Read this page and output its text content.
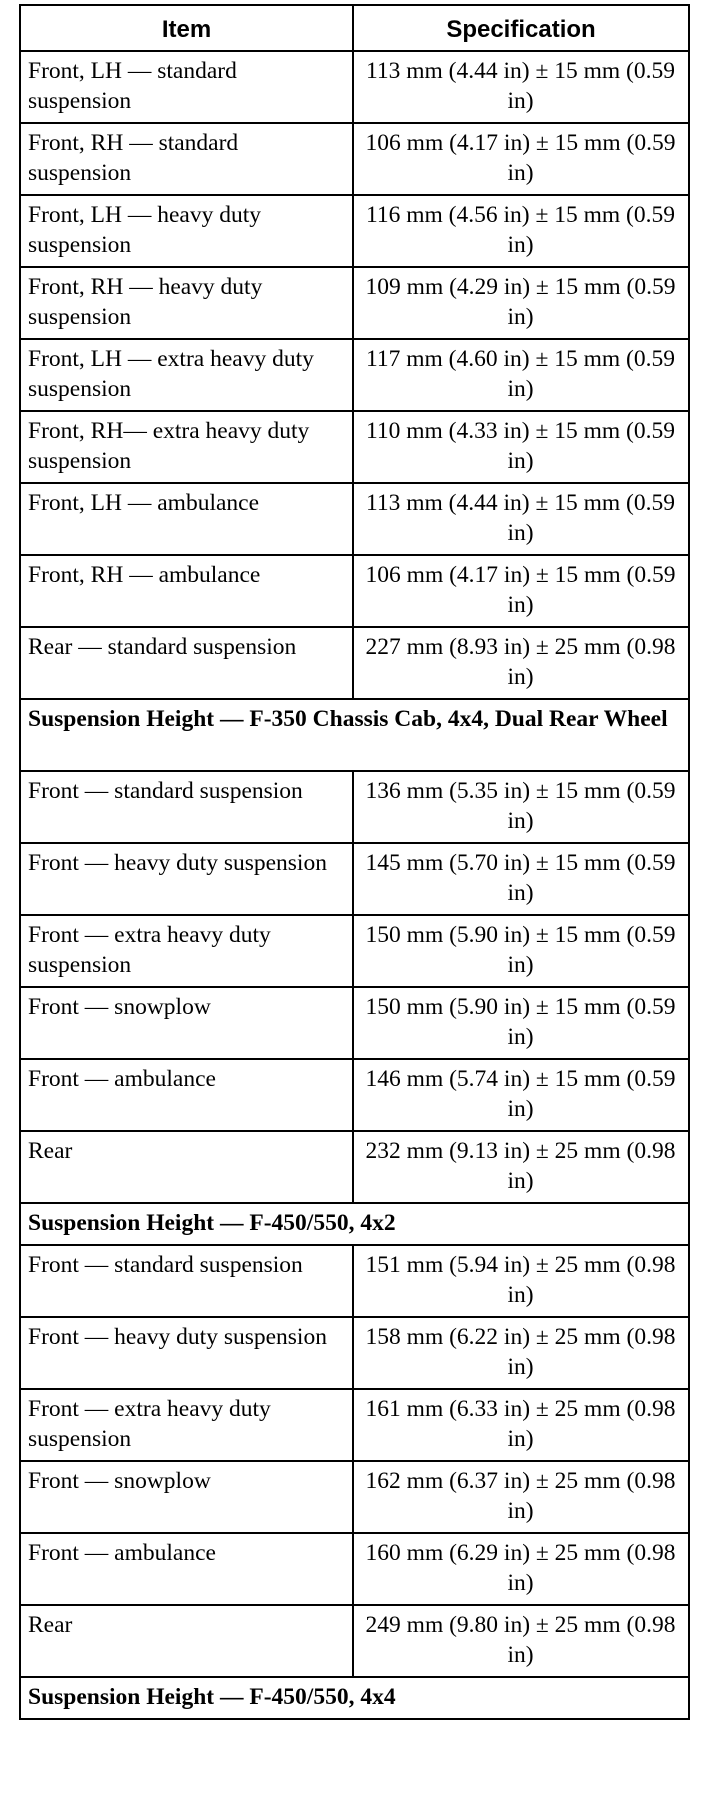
Item	Specification
Front, LH — standard suspension	113 mm (4.44 in) ± 15 mm (0.59 in)
Front, RH — standard suspension	106 mm (4.17 in) ± 15 mm (0.59 in)
Front, LH — heavy duty suspension	116 mm (4.56 in) ± 15 mm (0.59 in)
Front, RH — heavy duty suspension	109 mm (4.29 in) ± 15 mm (0.59 in)
Front, LH — extra heavy duty suspension	117 mm (4.60 in) ± 15 mm (0.59 in)
Front, RH— extra heavy duty suspension	110 mm (4.33 in) ± 15 mm (0.59 in)
Front, LH — ambulance	113 mm (4.44 in) ± 15 mm (0.59 in)
Front, RH — ambulance	106 mm (4.17 in) ± 15 mm (0.59 in)
Rear — standard suspension	227 mm (8.93 in) ± 25 mm (0.98 in)
Suspension Height — F-350 Chassis Cab, 4x4, Dual Rear Wheel	
Front — standard suspension	136 mm (5.35 in) ± 15 mm (0.59 in)
Front — heavy duty suspension	145 mm (5.70 in) ± 15 mm (0.59 in)
Front — extra heavy duty suspension	150 mm (5.90 in) ± 15 mm (0.59 in)
Front — snowplow	150 mm (5.90 in) ± 15 mm (0.59 in)
Front — ambulance	146 mm (5.74 in) ± 15 mm (0.59 in)
Rear	232 mm (9.13 in) ± 25 mm (0.98 in)
Suspension Height — F-450/550, 4x2	
Front — standard suspension	151 mm (5.94 in) ± 25 mm (0.98 in)
Front — heavy duty suspension	158 mm (6.22 in) ± 25 mm (0.98 in)
Front — extra heavy duty suspension	161 mm (6.33 in) ± 25 mm (0.98 in)
Front — snowplow	162 mm (6.37 in) ± 25 mm (0.98 in)
Front — ambulance	160 mm (6.29 in) ± 25 mm (0.98 in)
Rear	249 mm (9.80 in) ± 25 mm (0.98 in)
Suspension Height — F-450/550, 4x4	
